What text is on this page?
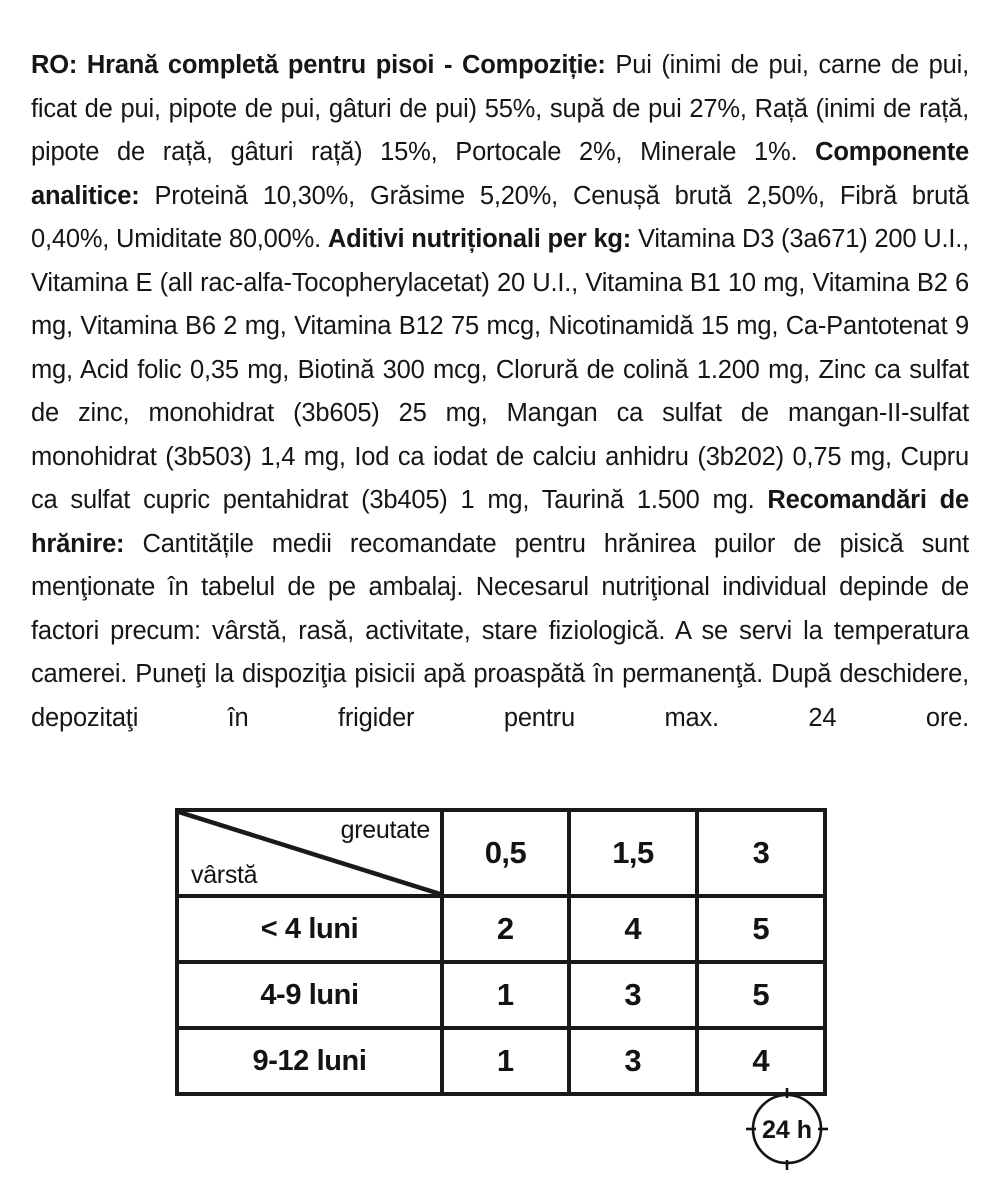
RO: Hrană completă pentru pisoi - Compoziție: Pui (inimi de pui, carne de pui, ficat de pui, pipote de pui, gâturi de pui) 55%, supă de pui 27%, Rață (inimi de rață, pipote de rață, gâturi rață) 15%, Portocale 2%, Minerale 1%. Componente analitice: Proteină 10,30%, Grăsime 5,20%, Cenușă brută 2,50%, Fibră brută 0,40%, Umiditate 80,00%. Aditivi nutriționali per kg: Vitamina D3 (3a671) 200 U.I., Vitamina E (all rac-alfa-Tocopherylacetat) 20 U.I., Vitamina B1 10 mg, Vitamina B2 6 mg, Vitamina B6 2 mg, Vitamina B12 75 mcg, Nicotinamidă 15 mg, Ca-Pantotenat 9 mg, Acid folic 0,35 mg, Biotină 300 mcg, Clorură de colină 1.200 mg, Zinc ca sulfat de zinc, monohidrat (3b605) 25 mg, Mangan ca sulfat de mangan-II-sulfat monohidrat (3b503) 1,4 mg, Iod ca iodat de calciu anhidru (3b202) 0,75 mg, Cupru ca sulfat cupric pentahidrat (3b405) 1 mg, Taurină 1.500 mg. Recomandări de hrănire: Cantitățile medii recomandate pentru hrănirea puilor de pisică sunt menţionate în tabelul de pe ambalaj. Necesarul nutriţional individual depinde de factori precum: vârstă, rasă, activitate, stare fiziologică. A se servi la temperatura camerei. Puneţi la dispoziţia pisicii apă proaspătă în permanenţă. După deschidere, depozitaţi în frigider pentru max. 24 ore.
greutate
vârstă	0,5	1,5	3
< 4 luni	2	4	5
4-9 luni	1	3	5
9-12 luni	1	3	4
24 h
